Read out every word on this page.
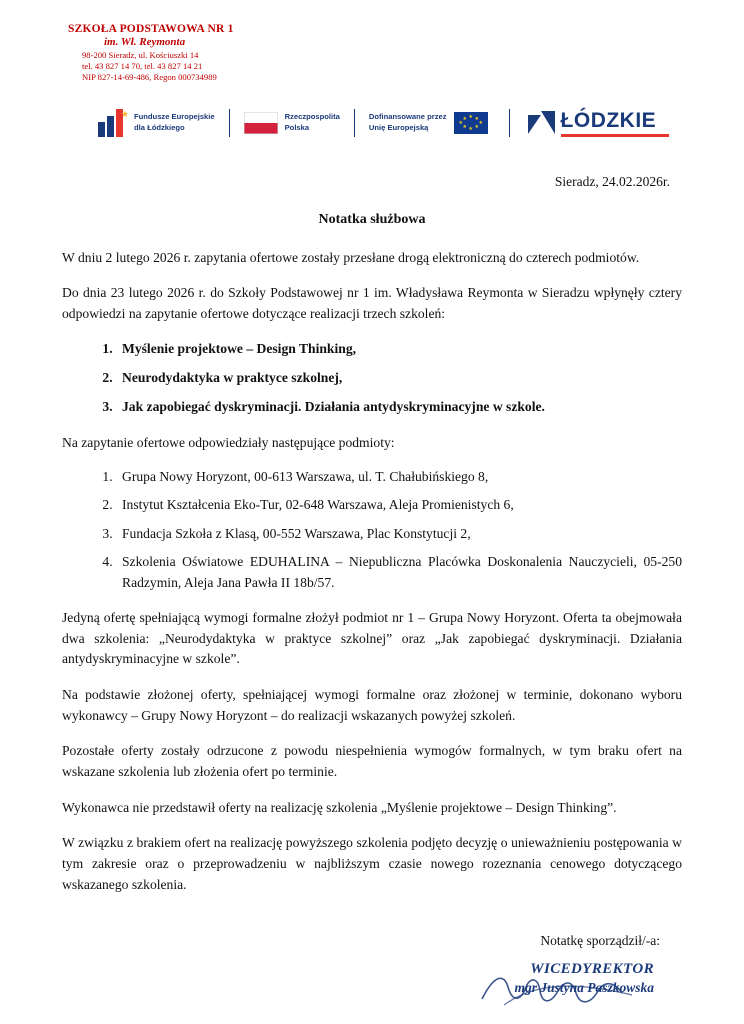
SZKOŁA PODSTAWOWA NR 1
im. Wł. Reymonta
98-200 Sieradz, ul. Kościuszki 14
tel. 43 827 14 70, tel. 43 827 14 21
NIP 827-14-69-486, Regon 000734989
★ Fundusze Europejskie
dla Łódzkiego
Rzeczpospolita
Polska
Dofinansowane przez
Unię Europejską
★ ★
★
★
★
★
★
★	ŁÓDZKIE
Sieradz, 24.02.2026r.
Notatka służbowa

W dniu 2 lutego 2026 r. zapytania ofertowe zostały przesłane drogą elektroniczną do czterech podmiotów.

Do dnia 23 lutego 2026 r. do Szkoły Podstawowej nr 1 im. Władysława Reymonta w Sieradzu wpłynęły cztery odpowiedzi na zapytanie ofertowe dotyczące realizacji trzech szkoleń:

1. Myślenie projektowe – Design Thinking,
2. Neurodydaktyka w praktyce szkolnej,
3. Jak zapobiegać dyskryminacji. Działania antydyskryminacyjne w szkole.

Na zapytanie ofertowe odpowiedziały następujące podmioty:

1. Grupa Nowy Horyzont, 00-613 Warszawa, ul. T. Chałubińskiego 8,
2. Instytut Kształcenia Eko-Tur, 02-648 Warszawa, Aleja Promienistych 6,
3. Fundacja Szkoła z Klasą, 00-552 Warszawa, Plac Konstytucji 2,
4. Szkolenia Oświatowe EDUHALINA – Niepubliczna Placówka Doskonalenia Nauczycieli, 05-250 Radzymin, Aleja Jana Pawła II 18b/57.

Jedyną ofertę spełniającą wymogi formalne złożył podmiot nr 1 – Grupa Nowy Horyzont. Oferta ta obejmowała dwa szkolenia: „Neurodydaktyka w praktyce szkolnej” oraz „Jak zapobiegać dyskryminacji. Działania antydyskryminacyjne w szkole”.

Na podstawie złożonej oferty, spełniającej wymogi formalne oraz złożonej w terminie, dokonano wyboru wykonawcy – Grupy Nowy Horyzont – do realizacji wskazanych powyżej szkoleń.

Pozostałe oferty zostały odrzucone z powodu niespełnienia wymogów formalnych, w tym braku ofert na wskazane szkolenia lub złożenia ofert po terminie.

Wykonawca nie przedstawił oferty na realizację szkolenia „Myślenie projektowe – Design Thinking”.

W związku z brakiem ofert na realizację powyższego szkolenia podjęto decyzję o unieważnieniu postępowania w tym zakresie oraz o przeprowadzeniu w najbliższym czasie nowego rozeznania cenowego dotyczącego wskazanego szkolenia.

Notatkę sporządził/-a:
WICEDYREKTOR
mgr Justyna Paszkowska
